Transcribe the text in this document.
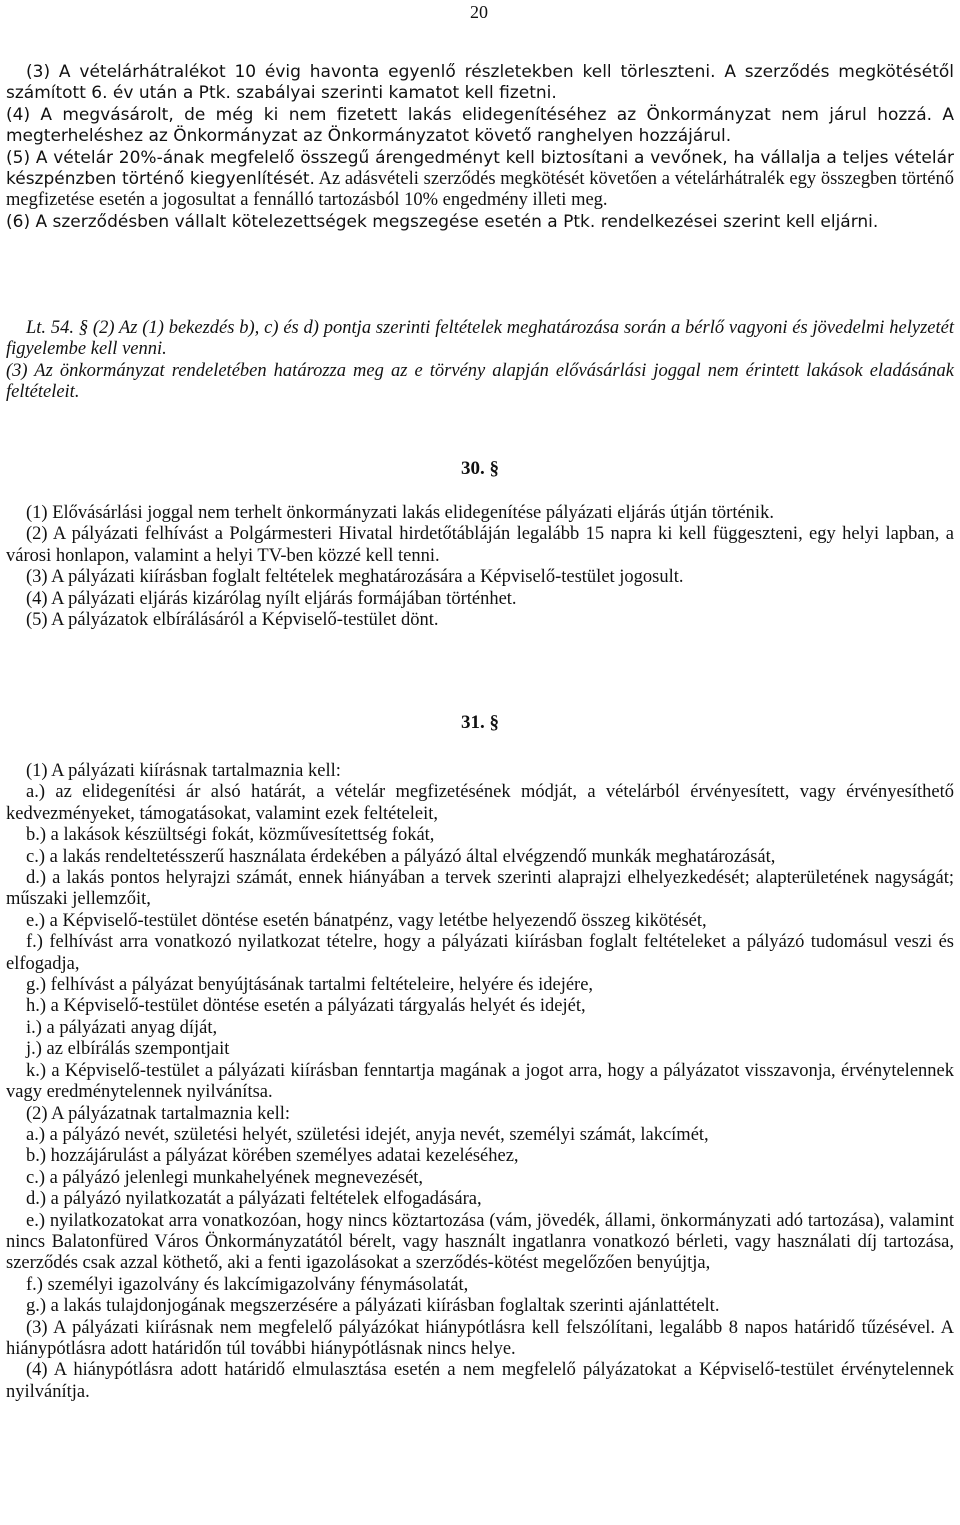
20

(3) A vételárhátralékot 10 évig havonta egyenlő részletekben kell törleszteni. A szerződés megkötésétől számított 6. év után a Ptk. szabályai szerinti kamatot kell fizetni.

(4) A megvásárolt, de még ki nem fizetett lakás elidegenítéséhez az Önkormányzat nem járul hozzá. A megterheléshez az Önkormányzat az Önkormányzatot követő ranghelyen hozzájárul.

(5) A vételár 20%-ának megfelelő összegű árengedményt kell biztosítani a vevőnek, ha vállalja a teljes vételár készpénzben történő kiegyenlítését. Az adásvételi szerződés megkötését követően a vételárhátralék egy összegben történő megfizetése esetén a jogosultat a fennálló tartozásból 10% engedmény illeti meg.

(6) A szerződésben vállalt kötelezettségek megszegése esetén a Ptk. rendelkezései szerint kell eljárni.

Lt. 54. § (2) Az (1) bekezdés b), c) és d) pontja szerinti feltételek meghatározása során a bérlő vagyoni és jövedelmi helyzetét figyelembe kell venni.

(3) Az önkormányzat rendeletében határozza meg az e törvény alapján elővásárlási joggal nem érintett lakások eladásának feltételeit.

30. §

(1) Elővásárlási joggal nem terhelt önkormányzati lakás elidegenítése pályázati eljárás útján történik.

(2) A pályázati felhívást a Polgármesteri Hivatal hirdetőtábláján legalább 15 napra ki kell függeszteni, egy helyi lapban, a városi honlapon, valamint a helyi TV-ben közzé kell tenni.

(3) A pályázati kiírásban foglalt feltételek meghatározására a Képviselő-testület jogosult.

(4) A pályázati eljárás kizárólag nyílt eljárás formájában történhet.

(5) A pályázatok elbírálásáról a Képviselő-testület dönt.

31. §

(1) A pályázati kiírásnak tartalmaznia kell:

a.) az elidegenítési ár alsó határát, a vételár megfizetésének módját, a vételárból érvényesített, vagy érvényesíthető kedvezményeket, támogatásokat, valamint ezek feltételeit,

b.) a lakások készültségi fokát, közművesítettség fokát,

c.) a lakás rendeltetésszerű használata érdekében a pályázó által elvégzendő munkák meghatározását,

d.) a lakás pontos helyrajzi számát, ennek hiányában a tervek szerinti alaprajzi elhelyezkedését; alapterületének nagyságát; műszaki jellemzőit,

e.) a Képviselő-testület döntése esetén bánatpénz, vagy letétbe helyezendő összeg kikötését,

f.) felhívást arra vonatkozó nyilatkozat tételre, hogy a pályázati kiírásban foglalt feltételeket a pályázó tudomásul veszi és elfogadja,

g.) felhívást a pályázat benyújtásának tartalmi feltételeire, helyére és idejére,

h.) a Képviselő-testület döntése esetén a pályázati tárgyalás helyét és idejét,

i.) a pályázati anyag díját,

j.) az elbírálás szempontjait

k.) a Képviselő-testület a pályázati kiírásban fenntartja magának a jogot arra, hogy a pályázatot visszavonja, érvénytelennek vagy eredménytelennek nyilvánítsa.

(2) A pályázatnak tartalmaznia kell:

a.) a pályázó nevét, születési helyét, születési idejét, anyja nevét, személyi számát, lakcímét,

b.) hozzájárulást a pályázat körében személyes adatai kezeléséhez,

c.) a pályázó jelenlegi munkahelyének megnevezését,

d.) a pályázó nyilatkozatát a pályázati feltételek elfogadására,

e.) nyilatkozatokat arra vonatkozóan, hogy nincs köztartozása (vám, jövedék, állami, önkormányzati adó tartozása), valamint nincs Balatonfüred Város Önkormányzatától bérelt, vagy használt ingatlanra vonatkozó bérleti, vagy használati díj tartozása, szerződés csak azzal köthető, aki a fenti igazolásokat a szerződés-kötést megelőzően benyújtja,

f.) személyi igazolvány és lakcímigazolvány fénymásolatát,

g.) a lakás tulajdonjogának megszerzésére a pályázati kiírásban foglaltak szerinti ajánlattételt.

(3) A pályázati kiírásnak nem megfelelő pályázókat hiánypótlásra kell felszólítani, legalább 8 napos határidő tűzésével. A hiánypótlásra adott határidőn túl további hiánypótlásnak nincs helye.

(4) A hiánypótlásra adott határidő elmulasztása esetén a nem megfelelő pályázatokat a Képviselő-testület érvénytelennek nyilvánítja.
